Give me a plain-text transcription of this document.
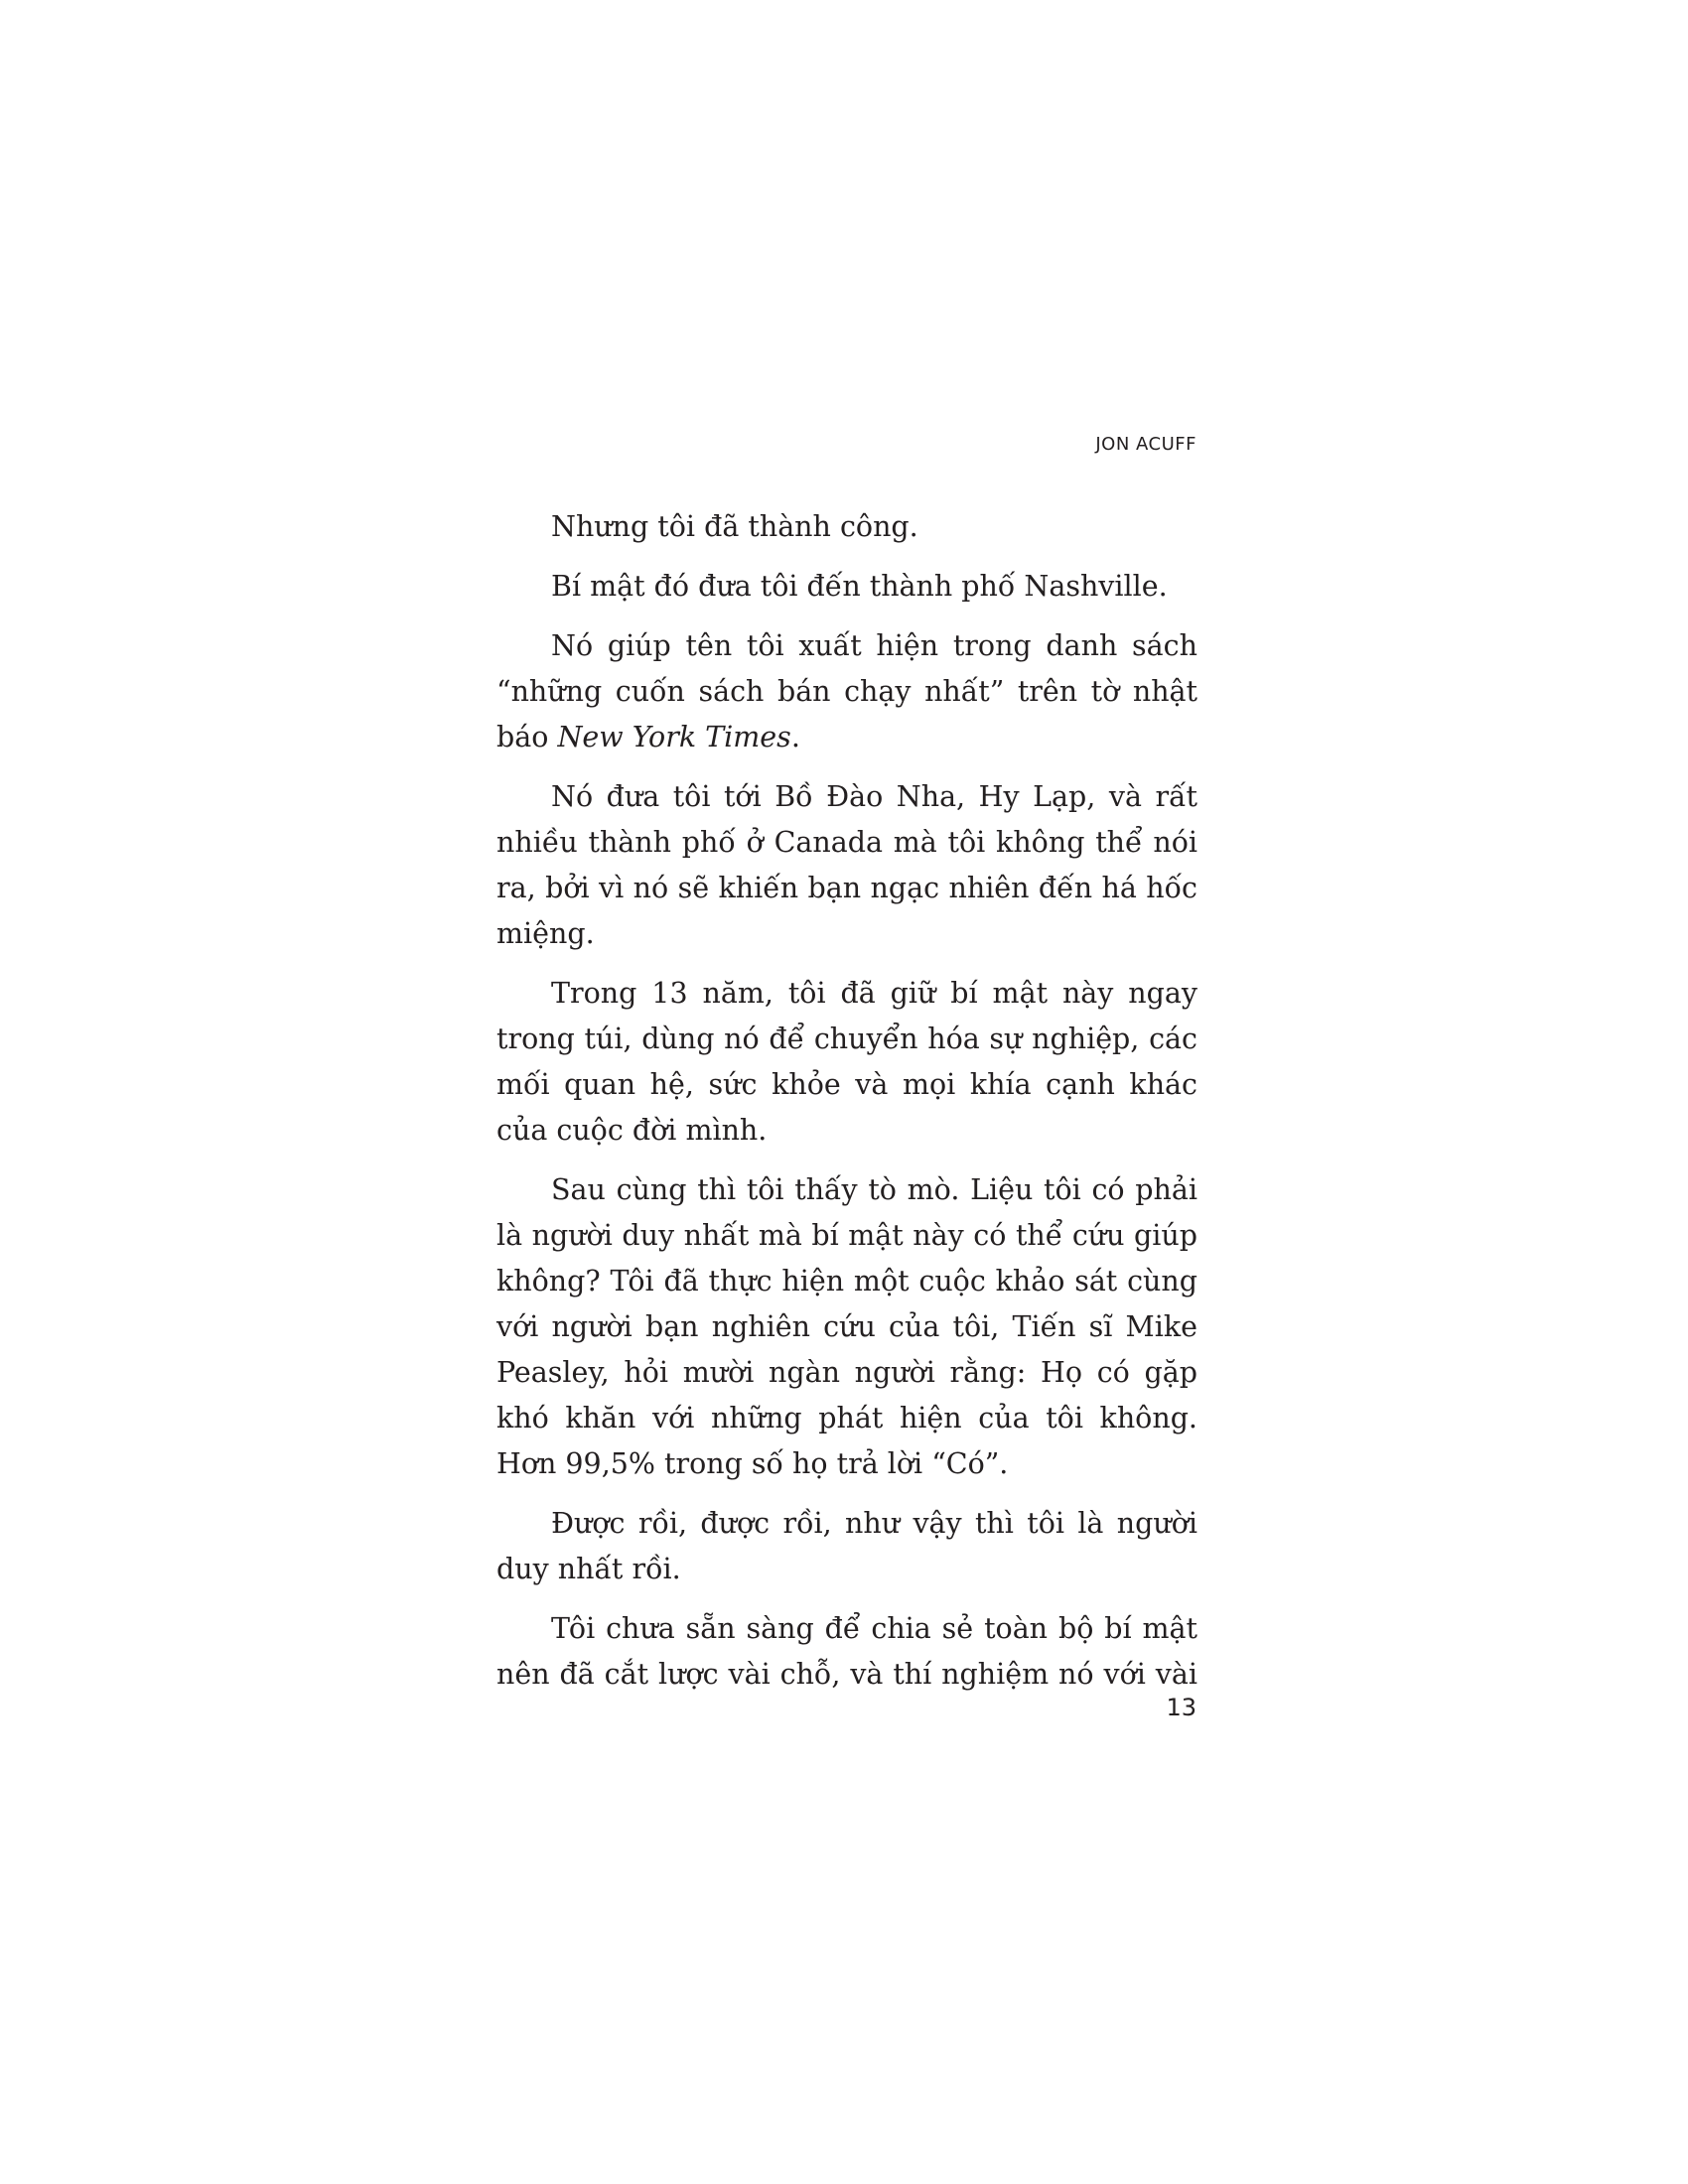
JON ACUFF

Nhưng tôi đã thành công.

Bí mật đó đưa tôi đến thành phố Nashville.

Nó giúp tên tôi xuất hiện trong danh sách “những cuốn sách bán chạy nhất” trên tờ nhật báo New York Times.

Nó đưa tôi tới Bồ Đào Nha, Hy Lạp, và rất nhiều thành phố ở Canada mà tôi không thể nói ra, bởi vì nó sẽ khiến bạn ngạc nhiên đến há hốc miệng.

Trong 13 năm, tôi đã giữ bí mật này ngay trong túi, dùng nó để chuyển hóa sự nghiệp, các mối quan hệ, sức khỏe và mọi khía cạnh khác của cuộc đời mình.

Sau cùng thì tôi thấy tò mò. Liệu tôi có phải là người duy nhất mà bí mật này có thể cứu giúp không? Tôi đã thực hiện một cuộc khảo sát cùng với người bạn nghiên cứu của tôi, Tiến sĩ Mike Peasley, hỏi mười ngàn người rằng: Họ có gặp khó khăn với những phát hiện của tôi không. Hơn 99,5% trong số họ trả lời “Có”.

Được rồi, được rồi, như vậy thì tôi là người duy nhất rồi.

Tôi chưa sẵn sàng để chia sẻ toàn bộ bí mật nên đã cắt lược vài chỗ, và thí nghiệm nó với vài

13
